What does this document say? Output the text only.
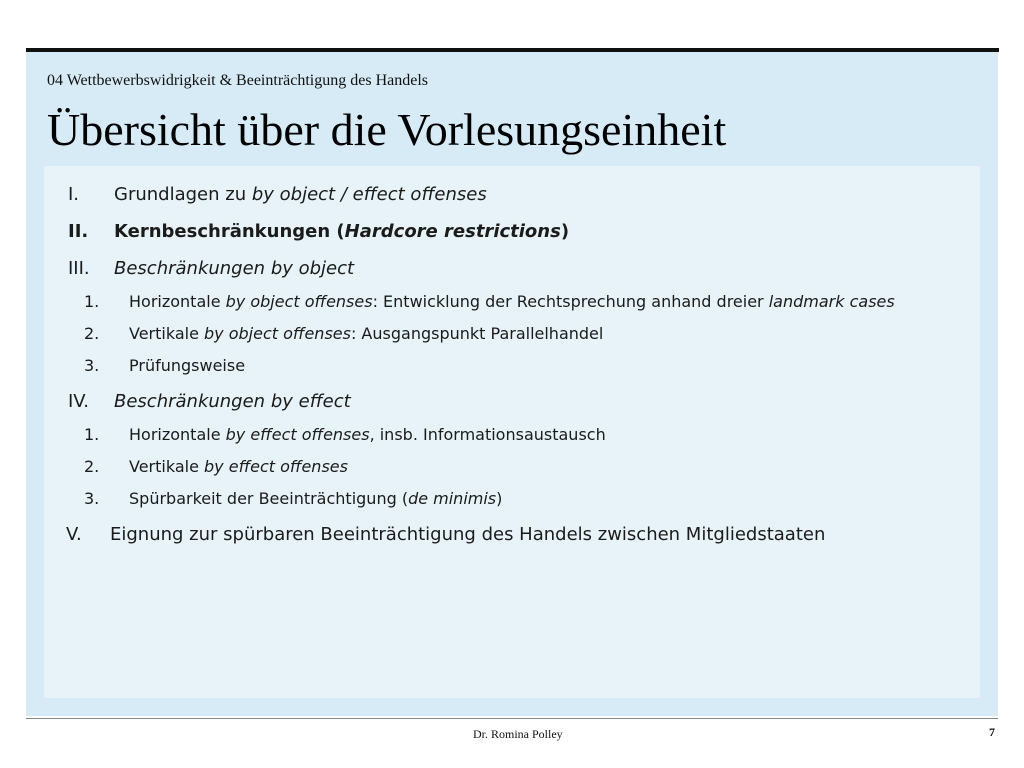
04 Wettbewerbswidrigkeit & Beeinträchtigung des Handels
Übersicht über die Vorlesungseinheit
I. Grundlagen zu by object / effect offenses
II. Kernbeschränkungen (Hardcore restrictions)
III. Beschränkungen by object
1. Horizontale by object offenses: Entwicklung der Rechtsprechung anhand dreier landmark cases
2. Vertikale by object offenses: Ausgangspunkt Parallelhandel
3. Prüfungsweise
IV. Beschränkungen by effect
1. Horizontale by effect offenses, insb. Informationsaustausch
2. Vertikale by effect offenses
3. Spürbarkeit der Beeinträchtigung (de minimis)
V. Eignung zur spürbaren Beeinträchtigung des Handels zwischen Mitgliedstaaten
Dr. Romina Polley	7
